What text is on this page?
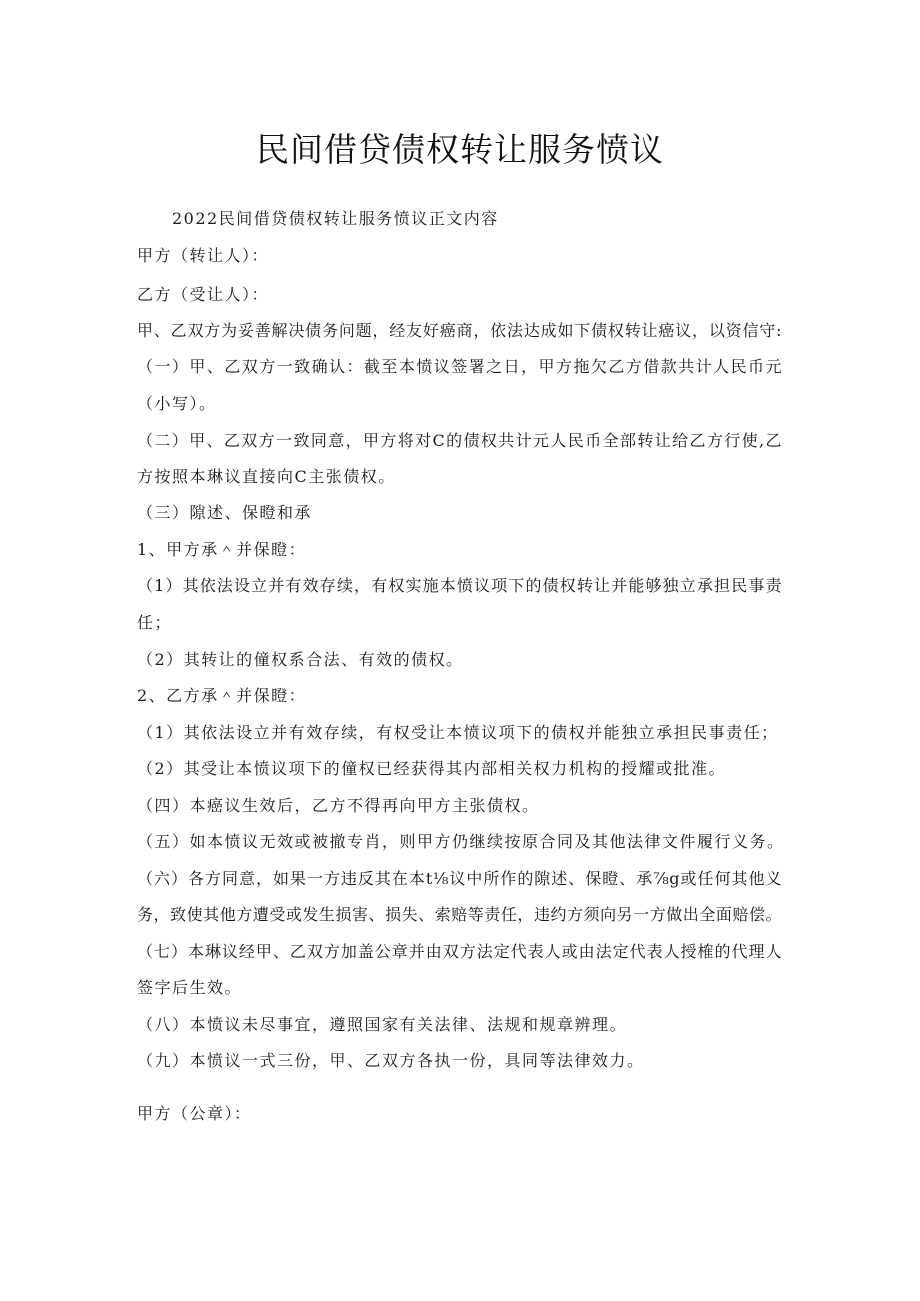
民间借贷债权转让服务愤议
2022民间借贷债权转让服务愤议正文内容
甲方（转让人）：
乙方（受让人）：
甲、乙双方为妥善解决债务问题，经友好癌商，依法达成如下债权转让癌议，以资信守:
（一）甲、乙双方一致确认：截至本愤议签署之日，甲方拖欠乙方借款共计人民币元
（小写）。
（二）甲、乙双方一致同意，甲方将对C的债权共计元人民币全部转让给乙方行使,乙
方按照本琳议直接向C主张债权。
（三）隙述、保瞪和承
1、甲方承＾并保瞪：
（1）其依法设立并有效存续，有权实施本愤议项下的债权转让并能够独立承担民事责
任；
（2）其转让的僮权系合法、有效的债权。
2、乙方承＾并保瞪：
（1）其依法设立并有效存续，有权受让本愤议项下的债权并能独立承担民事责任；
（2）其受让本愤议项下的僮权已经获得其内部相关权力机构的授耀或批准。
（四）本癌议生效后，乙方不得再向甲方主张债权。
（五）如本愤议无效或被撤专肖，则甲方仍继续按原合同及其他法律文件履行义务。
（六）各方同意，如果一方违反其在本t⅛议中所作的隙述、保瞪、承⅞g或任何其他义
务，致使其他方遭受或发生损害、损失、索赔等责任，违约方须向另一方做出全面赔偿。
（七）本琳议经甲、乙双方加盖公章并由双方法定代表人或由法定代表人授榷的代理人
签字后生效。
（八）本愤议未尽事宜，遵照国家有关法律、法规和规章辨理。
（九）本愤议一式三份，甲、乙双方各执一份，具同等法律效力。
甲方（公章）：
